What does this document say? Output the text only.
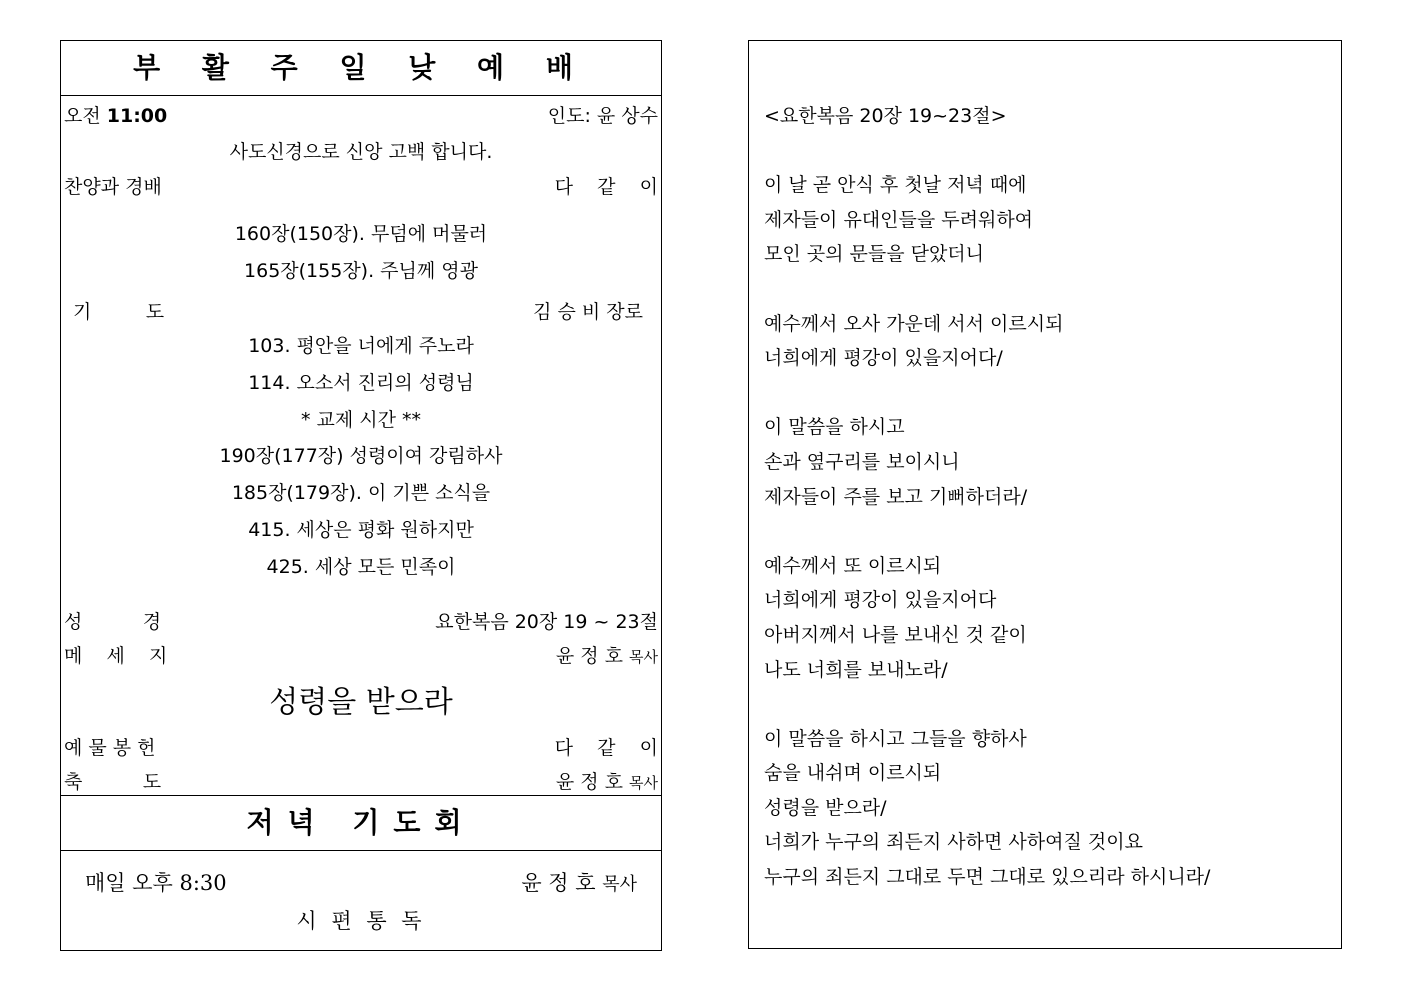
부 활 주 일 낮 예 배
오전 11:00	인도: 윤 상수
사도신경으로 신앙 고백 합니다.
찬양과 경배	다    같    이
기         도	김 승 비 장로
성          경	요한복음 20장 19 ~ 23절
메    세    지	윤 정 호 목사
성령을 받으라
예 물 봉 헌	다    같    이
축          도	윤 정 호 목사
저녁 기도회
매일 오후 8:30	윤 정 호 목사
시 편 통 독
160장(150장). 무덤에 머물러
165장(155장). 주님께 영광
103. 평안을 너에게 주노라
114. 오소서 진리의 성령님
* 교제 시간 **
190장(177장) 성령이여 강림하사
185장(179장). 이 기쁜 소식을
415. 세상은 평화 원하지만
425. 세상 모든 민족이
<요한복음 20장 19~23절>
이 날 곧 안식 후 첫날 저녁 때에
제자들이 유대인들을 두려워하여
모인 곳의 문들을 닫았더니
예수께서 오사 가운데 서서 이르시되
너희에게 평강이 있을지어다/
이 말씀을 하시고
손과 옆구리를 보이시니
제자들이 주를 보고 기뻐하더라/
예수께서 또 이르시되
너희에게 평강이 있을지어다
아버지께서 나를 보내신 것 같이
나도 너희를 보내노라/
이 말씀을 하시고 그들을 향하사
숨을 내쉬며 이르시되
성령을 받으라/
너희가 누구의 죄든지 사하면 사하여질 것이요
누구의 죄든지 그대로 두면 그대로 있으리라 하시니라/
